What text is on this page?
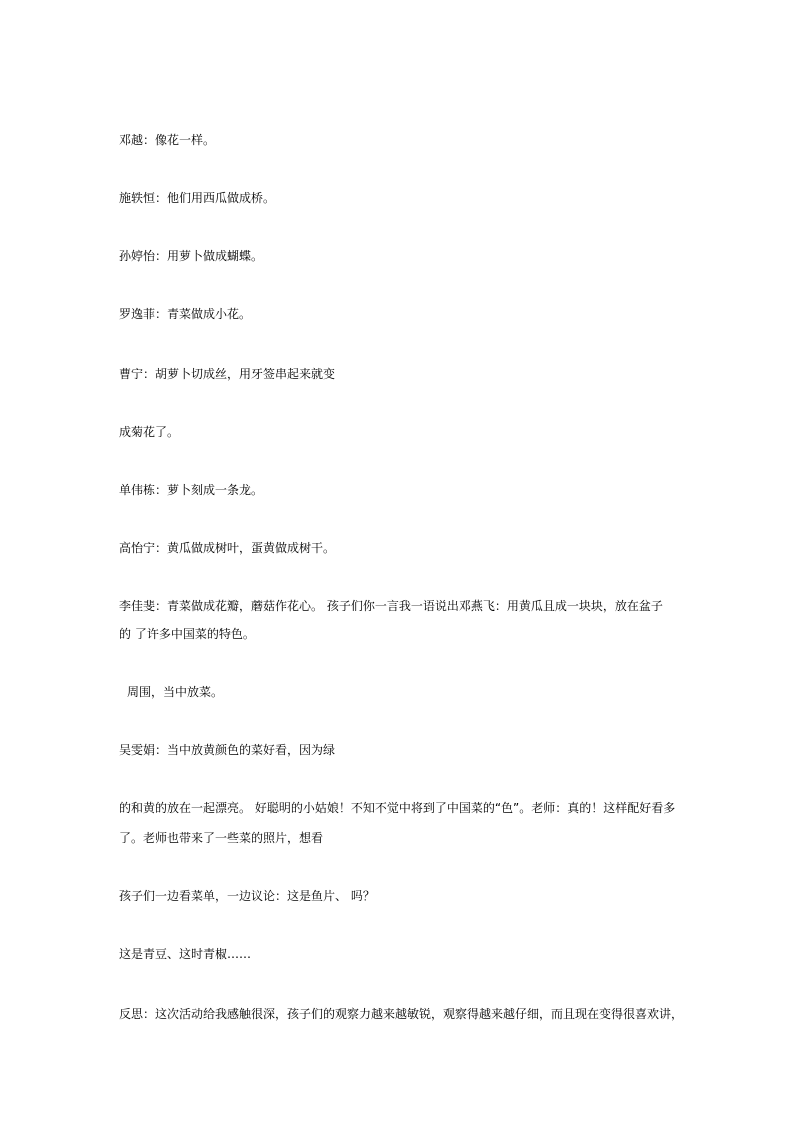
邓越：像花一样。
施轶恒：他们用西瓜做成桥。
孙婷怡：用萝卜做成蝴蝶。
罗逸菲：青菜做成小花。
曹宁：胡萝卜切成丝，用牙签串起来就变
成菊花了。
单伟栋：萝卜刻成一条龙。
高怡宁：黄瓜做成树叶，蛋黄做成树干。
李佳斐：青菜做成花瓣，蘑菇作花心。 孩子们你一言我一语说出邓燕飞：用黄瓜且成一块块，放在盆子
的 了许多中国菜的特色。
周围，当中放菜。
吴雯娟：当中放黄颜色的菜好看，因为绿
的和黄的放在一起漂亮。 好聪明的小姑娘！不知不觉中将到了中国菜的“色”。老师：真的！这样配好看多
了。老师也带来了一些菜的照片，想看
孩子们一边看菜单，一边议论：这是鱼片、 吗？
这是青豆、这时青椒……
反思：这次活动给我感触很深，孩子们的观察力越来越敏锐，观察得越来越仔细，而且现在变得很喜欢讲，
